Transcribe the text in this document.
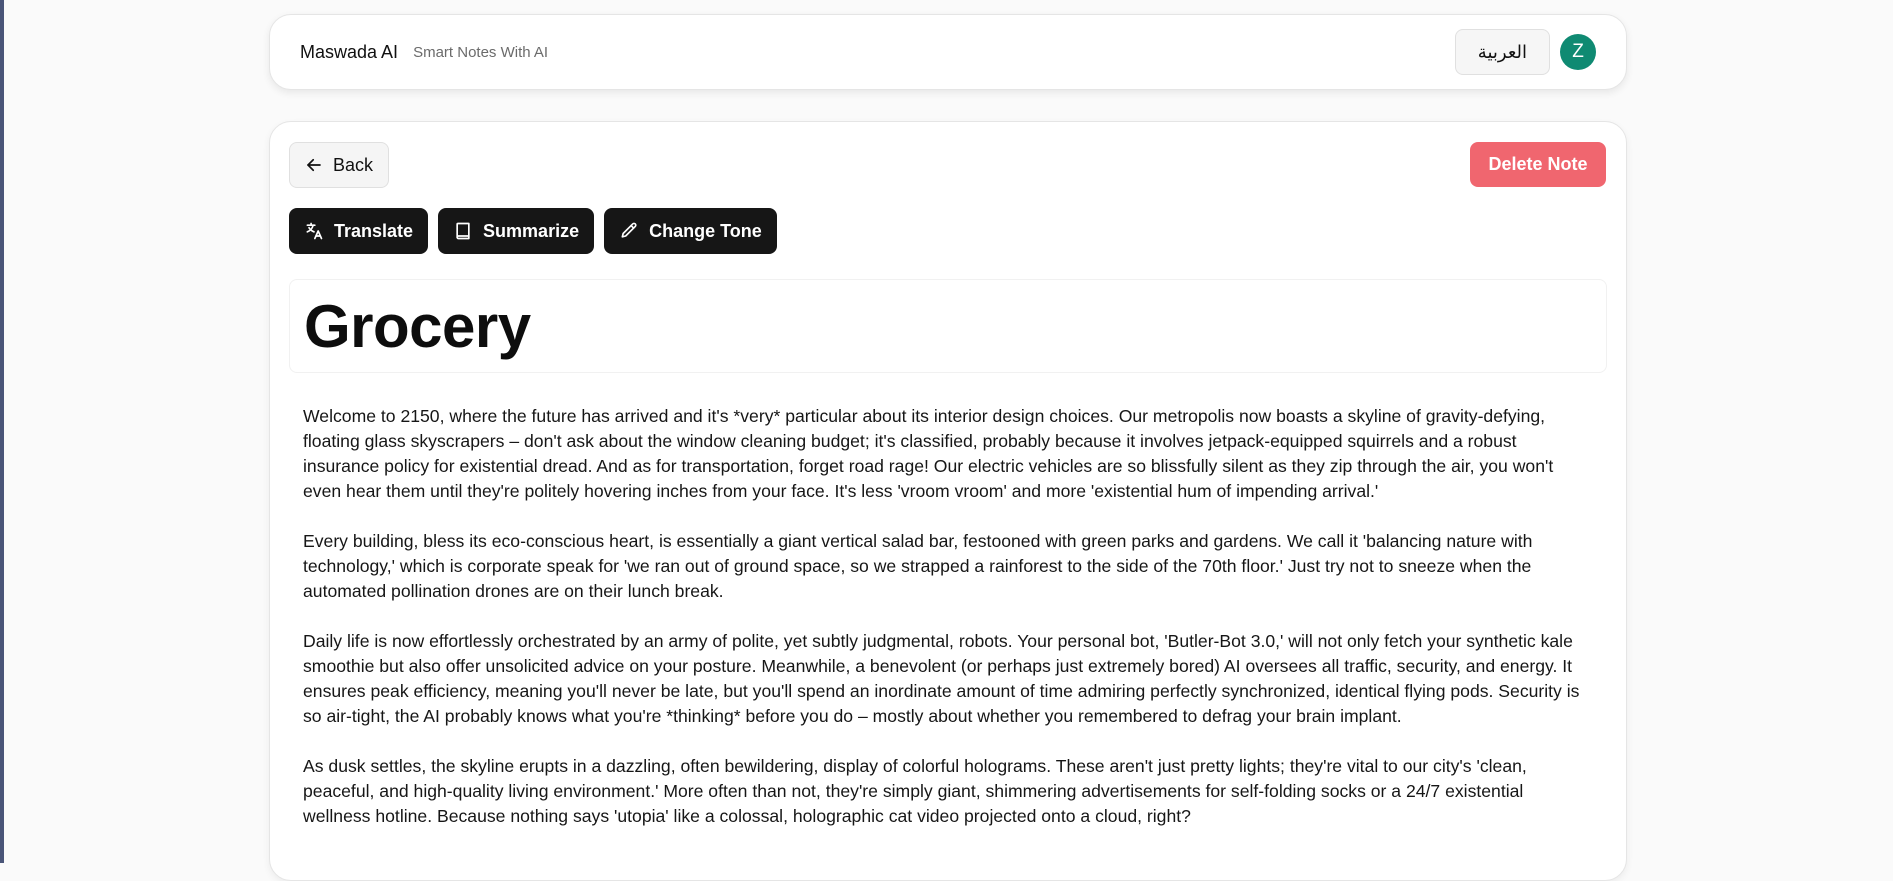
Maswada AI Smart Notes With AI	العربية	Z
Back	Delete Note
Translate	Summarize	Change Tone
Grocery

Welcome to 2150, where the future has arrived and it's *very* particular about its interior design choices. Our metropolis now boasts a skyline of gravity-defying, floating glass skyscrapers – don't ask about the window cleaning budget; it's classified, probably because it involves jetpack-equipped squirrels and a robust insurance policy for existential dread. And as for transportation, forget road rage! Our electric vehicles are so blissfully silent as they zip through the air, you won't even hear them until they're politely hovering inches from your face. It's less 'vroom vroom' and more 'existential hum of impending arrival.'

Every building, bless its eco-conscious heart, is essentially a giant vertical salad bar, festooned with green parks and gardens. We call it 'balancing nature with technology,' which is corporate speak for 'we ran out of ground space, so we strapped a rainforest to the side of the 70th floor.' Just try not to sneeze when the automated pollination drones are on their lunch break.

Daily life is now effortlessly orchestrated by an army of polite, yet subtly judgmental, robots. Your personal bot, 'Butler-Bot 3.0,' will not only fetch your synthetic kale smoothie but also offer unsolicited advice on your posture. Meanwhile, a benevolent (or perhaps just extremely bored) AI oversees all traffic, security, and energy. It ensures peak efficiency, meaning you'll never be late, but you'll spend an inordinate amount of time admiring perfectly synchronized, identical flying pods. Security is so air-tight, the AI probably knows what you're *thinking* before you do – mostly about whether you remembered to defrag your brain implant.

As dusk settles, the skyline erupts in a dazzling, often bewildering, display of colorful holograms. These aren't just pretty lights; they're vital to our city's 'clean, peaceful, and high-quality living environment.' More often than not, they're simply giant, shimmering advertisements for self-folding socks or a 24/7 existential wellness hotline. Because nothing says 'utopia' like a colossal, holographic cat video projected onto a cloud, right?
